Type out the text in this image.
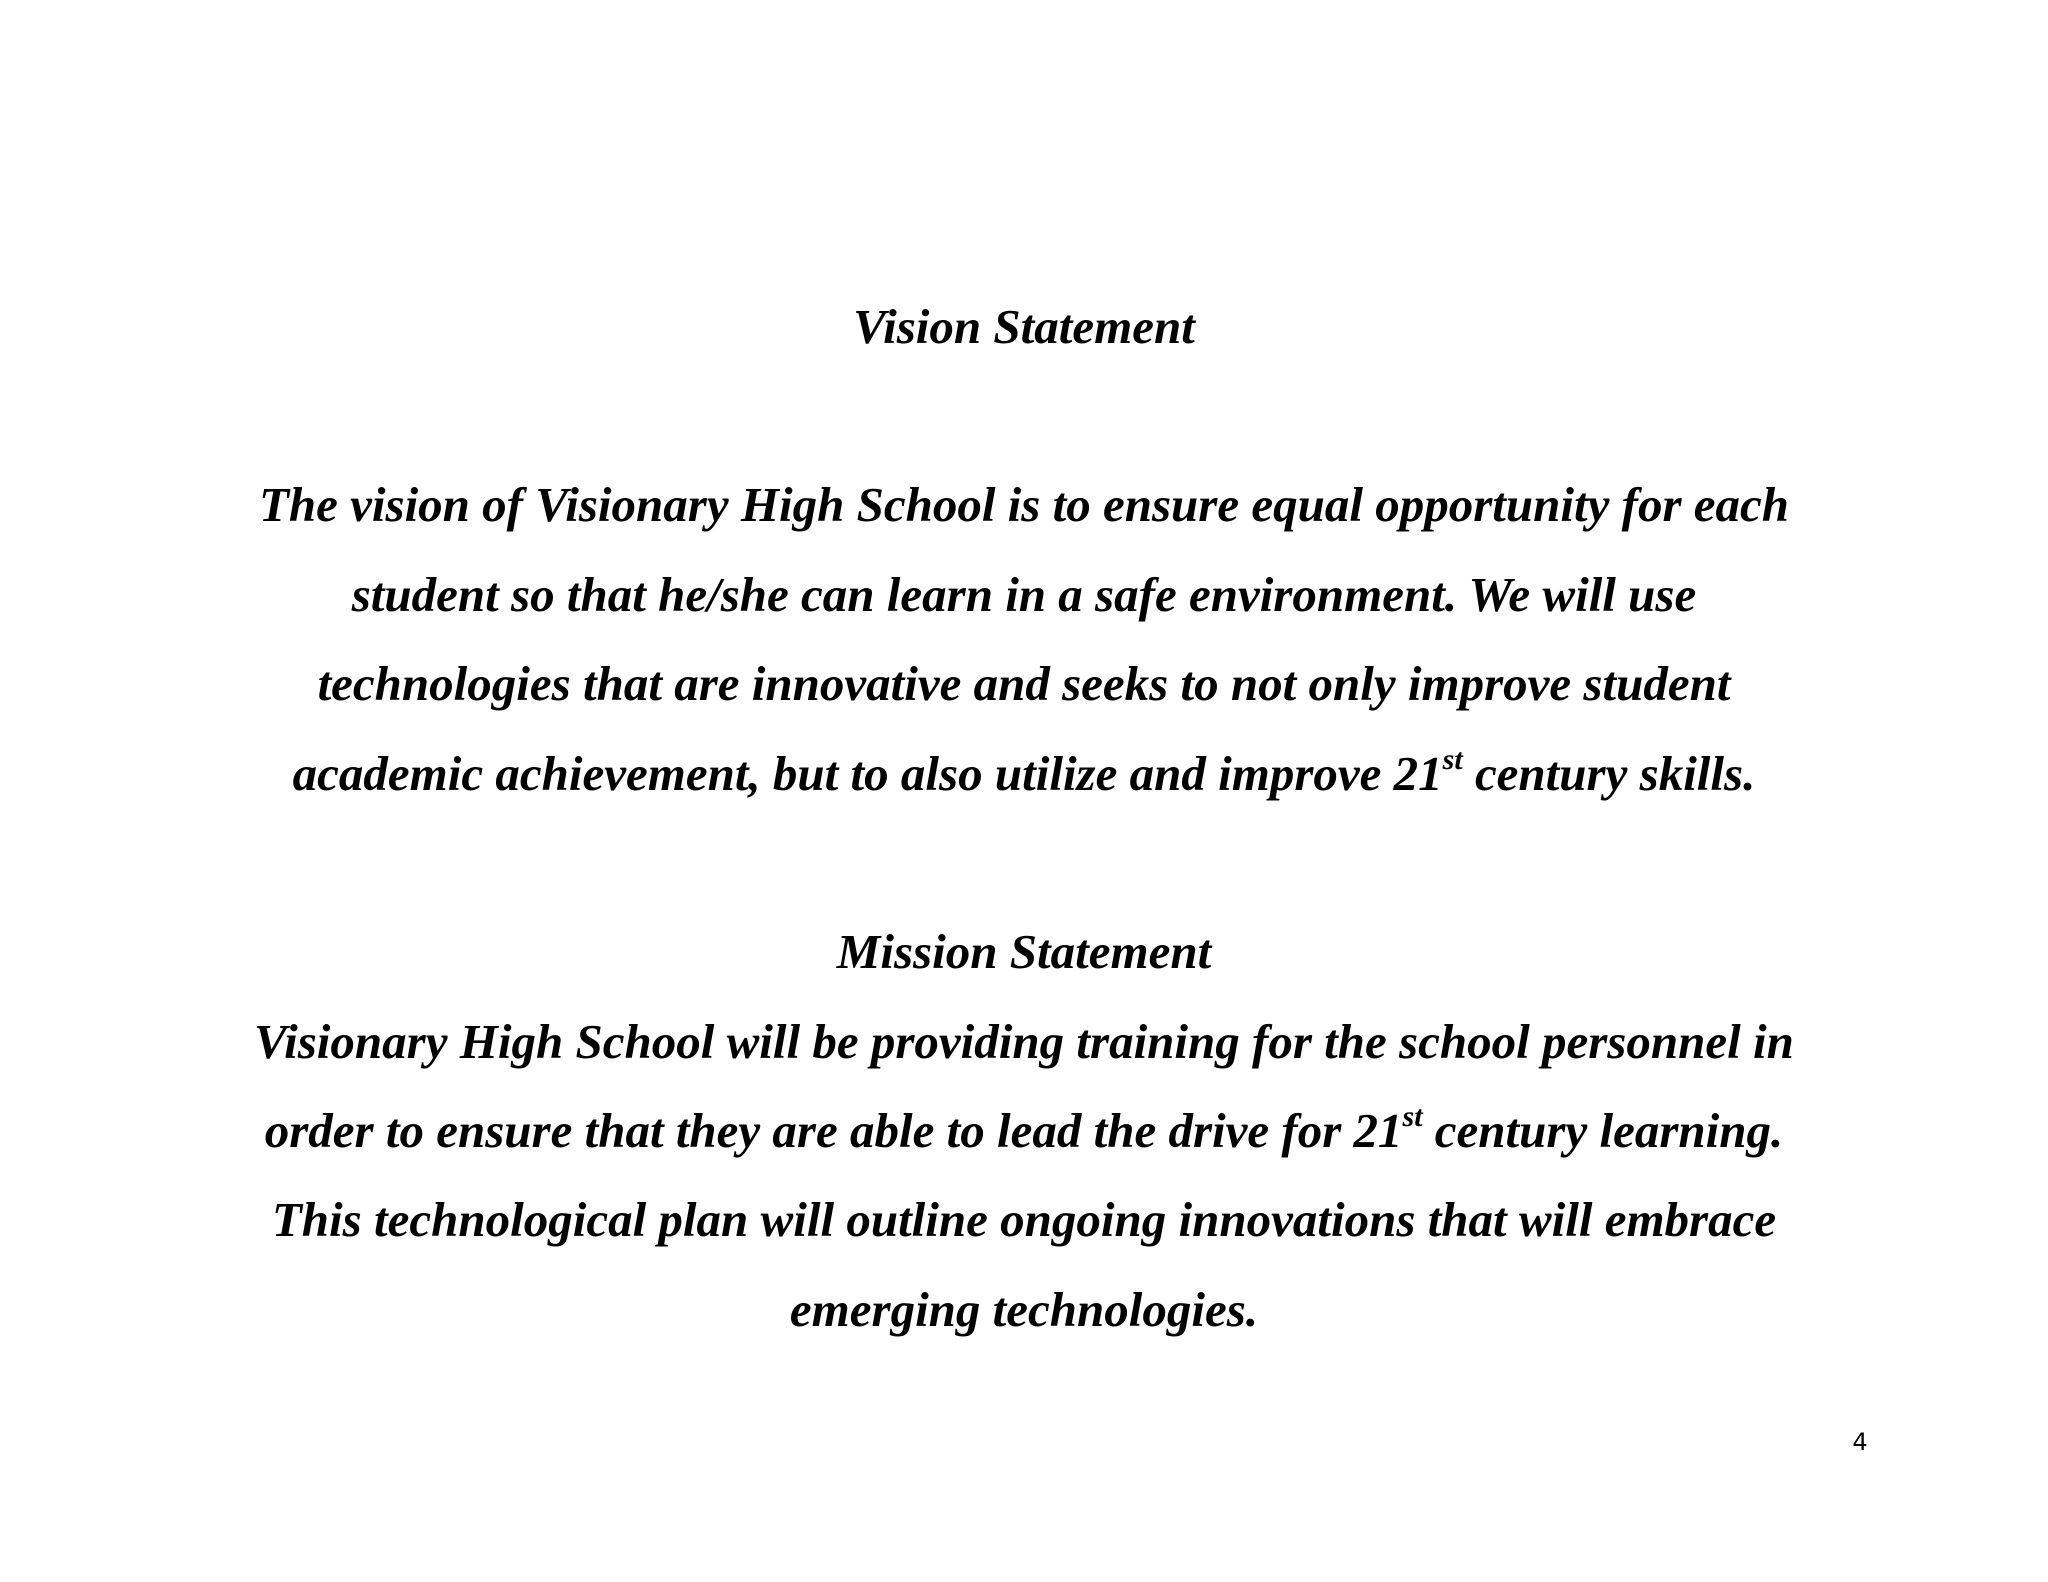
Vision Statement

The vision of Visionary High School is to ensure equal opportunity for each

student so that he/she can learn in a safe environment. We will use

technologies that are innovative and seeks to not only improve student

academic achievement, but to also utilize and improve 21st century skills.

Mission Statement

Visionary High School will be providing training for the school personnel in

order to ensure that they are able to lead the drive for 21st century learning.

This technological plan will outline ongoing innovations that will embrace

emerging technologies.

4
